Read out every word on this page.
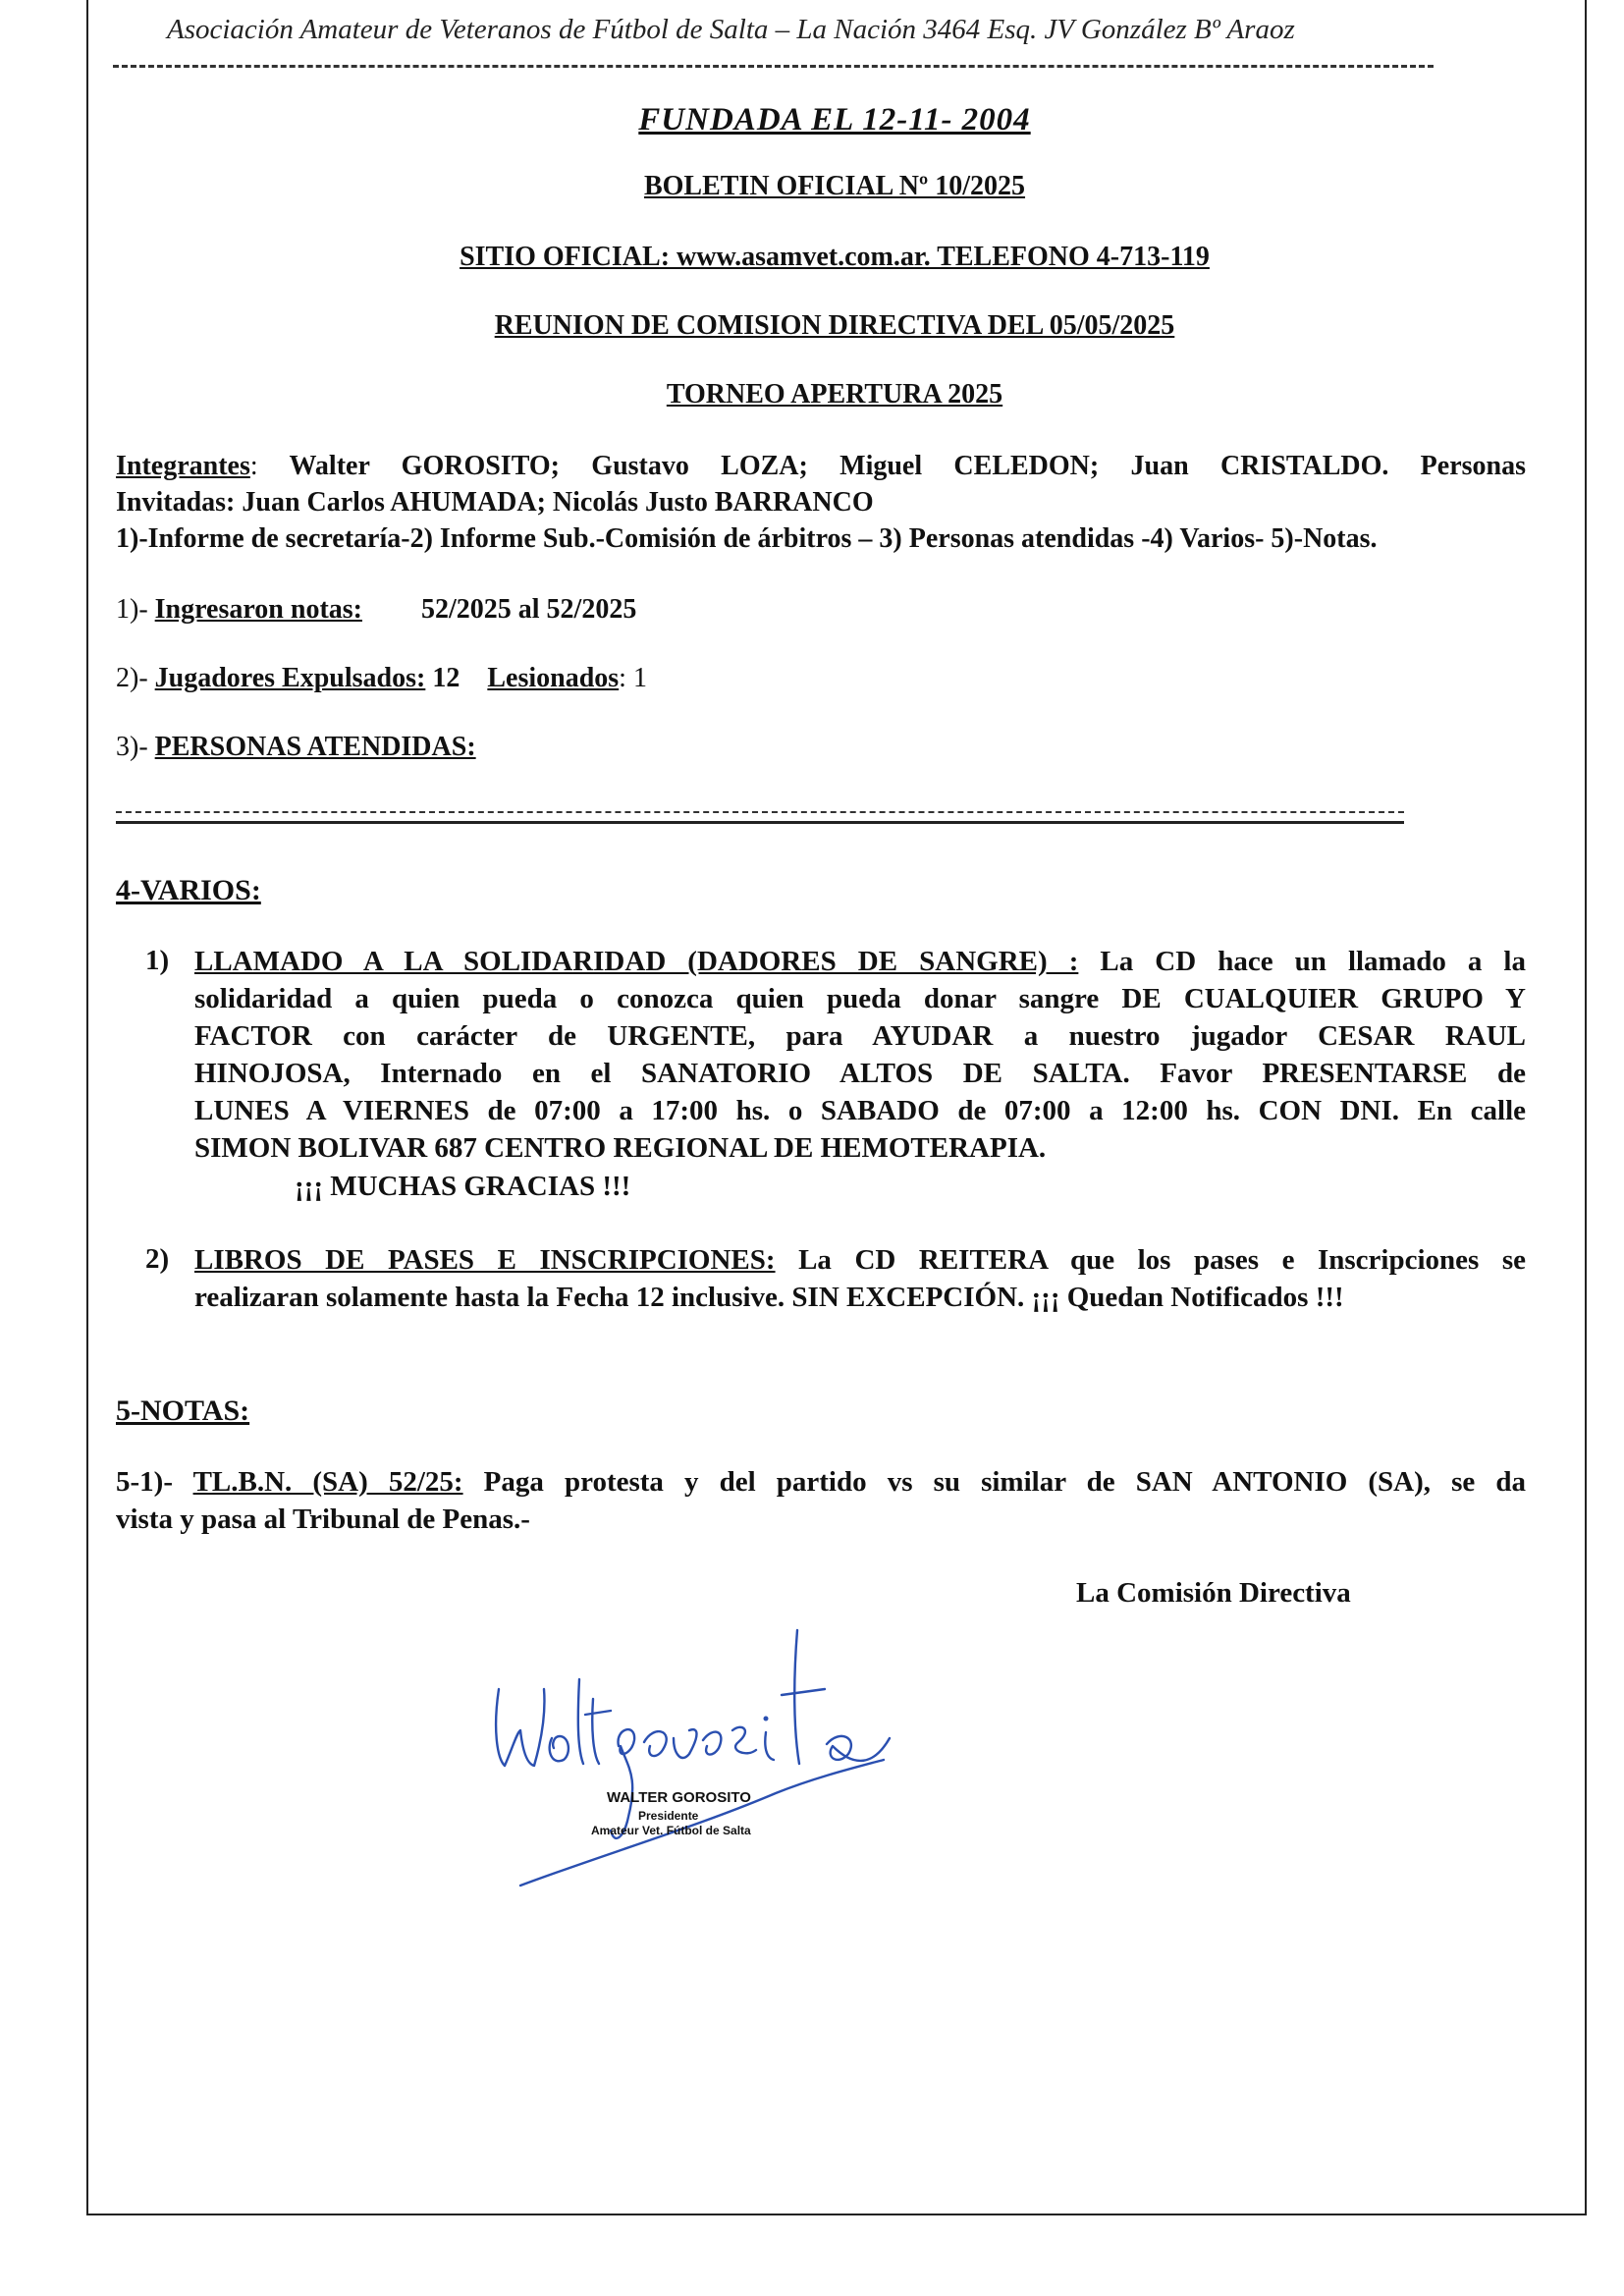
Asociación Amateur de Veteranos de Fútbol de Salta – La Nación 3464 Esq. JV González Bº Araoz
FUNDADA EL 12-11- 2004
BOLETIN OFICIAL Nº 10/2025
SITIO OFICIAL: www.asamvet.com.ar. TELEFONO 4-713-119
REUNION DE COMISION DIRECTIVA DEL 05/05/2025
TORNEO APERTURA 2025
Integrantes: Walter GOROSITO; Gustavo LOZA; Miguel CELEDON; Juan CRISTALDO. Personas
Invitadas: Juan Carlos AHUMADA; Nicolás Justo BARRANCO
1)-Informe de secretaría-2) Informe Sub.-Comisión de árbitros – 3) Personas atendidas -4) Varios- 5)-Notas.
1)- Ingresaron notas: 52/2025 al 52/2025
2)- Jugadores Expulsados: 12 Lesionados: 1
3)- PERSONAS ATENDIDAS:
4-VARIOS:
1) LLAMADO A LA SOLIDARIDAD (DADORES DE SANGRE) : La CD hace un llamado a la
solidaridad a quien pueda o conozca quien pueda donar sangre DE CUALQUIER GRUPO Y
FACTOR con carácter de URGENTE, para AYUDAR a nuestro jugador CESAR RAUL
HINOJOSA, Internado en el SANATORIO ALTOS DE SALTA. Favor PRESENTARSE de
LUNES A VIERNES de 07:00 a 17:00 hs. o SABADO de 07:00 a 12:00 hs. CON DNI. En calle
SIMON BOLIVAR 687 CENTRO REGIONAL DE HEMOTERAPIA.
¡¡¡ MUCHAS GRACIAS !!!
2) LIBROS DE PASES E INSCRIPCIONES: La CD REITERA que los pases e Inscripciones se
realizaran solamente hasta la Fecha 12 inclusive. SIN EXCEPCIÓN. ¡¡¡ Quedan Notificados !!!
5-NOTAS:
5-1)- TL.B.N. (SA) 52/25: Paga protesta y del partido vs su similar de SAN ANTONIO (SA), se da
vista y pasa al Tribunal de Penas.-
La Comisión Directiva
WALTER GOROSITO
Presidente
Amateur Vet. Fútbol de Salta
